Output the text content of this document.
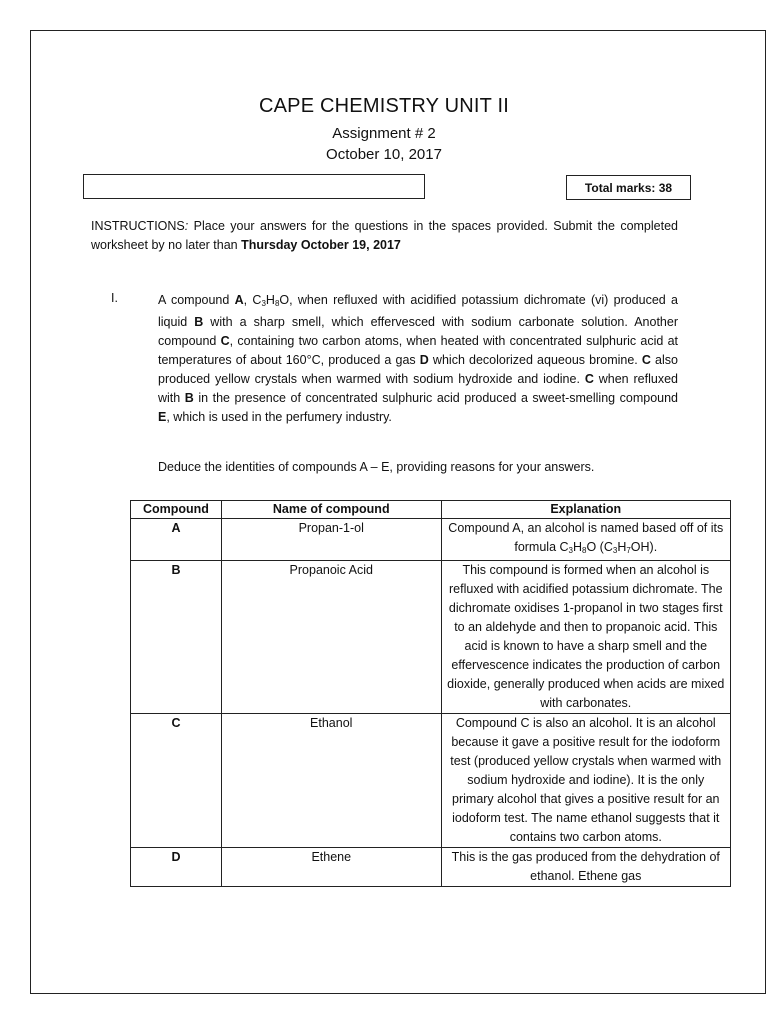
CAPE CHEMISTRY UNIT II
Assignment # 2
October 10, 2017
Total marks: 38
INSTRUCTIONS: Place your answers for the questions in the spaces provided. Submit the completed worksheet by no later than Thursday October 19, 2017
I.	A compound A, $C_3H_8O$, when refluxed with acidified potassium dichromate (vi) produced a liquid B with a sharp smell, which effervesced with sodium carbonate solution. Another compound C, containing two carbon atoms, when heated with concentrated sulphuric acid at temperatures of about 160°C, produced a gas D which decolorized aqueous bromine. C also produced yellow crystals when warmed with sodium hydroxide and iodine. C when refluxed with B in the presence of concentrated sulphuric acid produced a sweet-smelling compound E, which is used in the perfumery industry.
Deduce the identities of compounds A – E, providing reasons for your answers.
Compound	Name of compound	Explanation
A	Propan-1-ol	Compound A, an alcohol is named based off of its formula $C_3H_8O$ $(C_3H_7OH)$.
B	Propanoic Acid	This compound is formed when an alcohol is refluxed with acidified potassium dichromate. The dichromate oxidises 1-propanol in two stages first to an aldehyde and then to propanoic acid. This acid is known to have a sharp smell and the effervescence indicates the production of carbon dioxide, generally produced when acids are mixed with carbonates.
C	Ethanol	Compound C is also an alcohol. It is an alcohol because it gave a positive result for the iodoform test (produced yellow crystals when warmed with sodium hydroxide and iodine). It is the only primary alcohol that gives a positive result for an iodoform test. The name ethanol suggests that it contains two carbon atoms.
D	Ethene	This is the gas produced from the dehydration of ethanol. Ethene gas
